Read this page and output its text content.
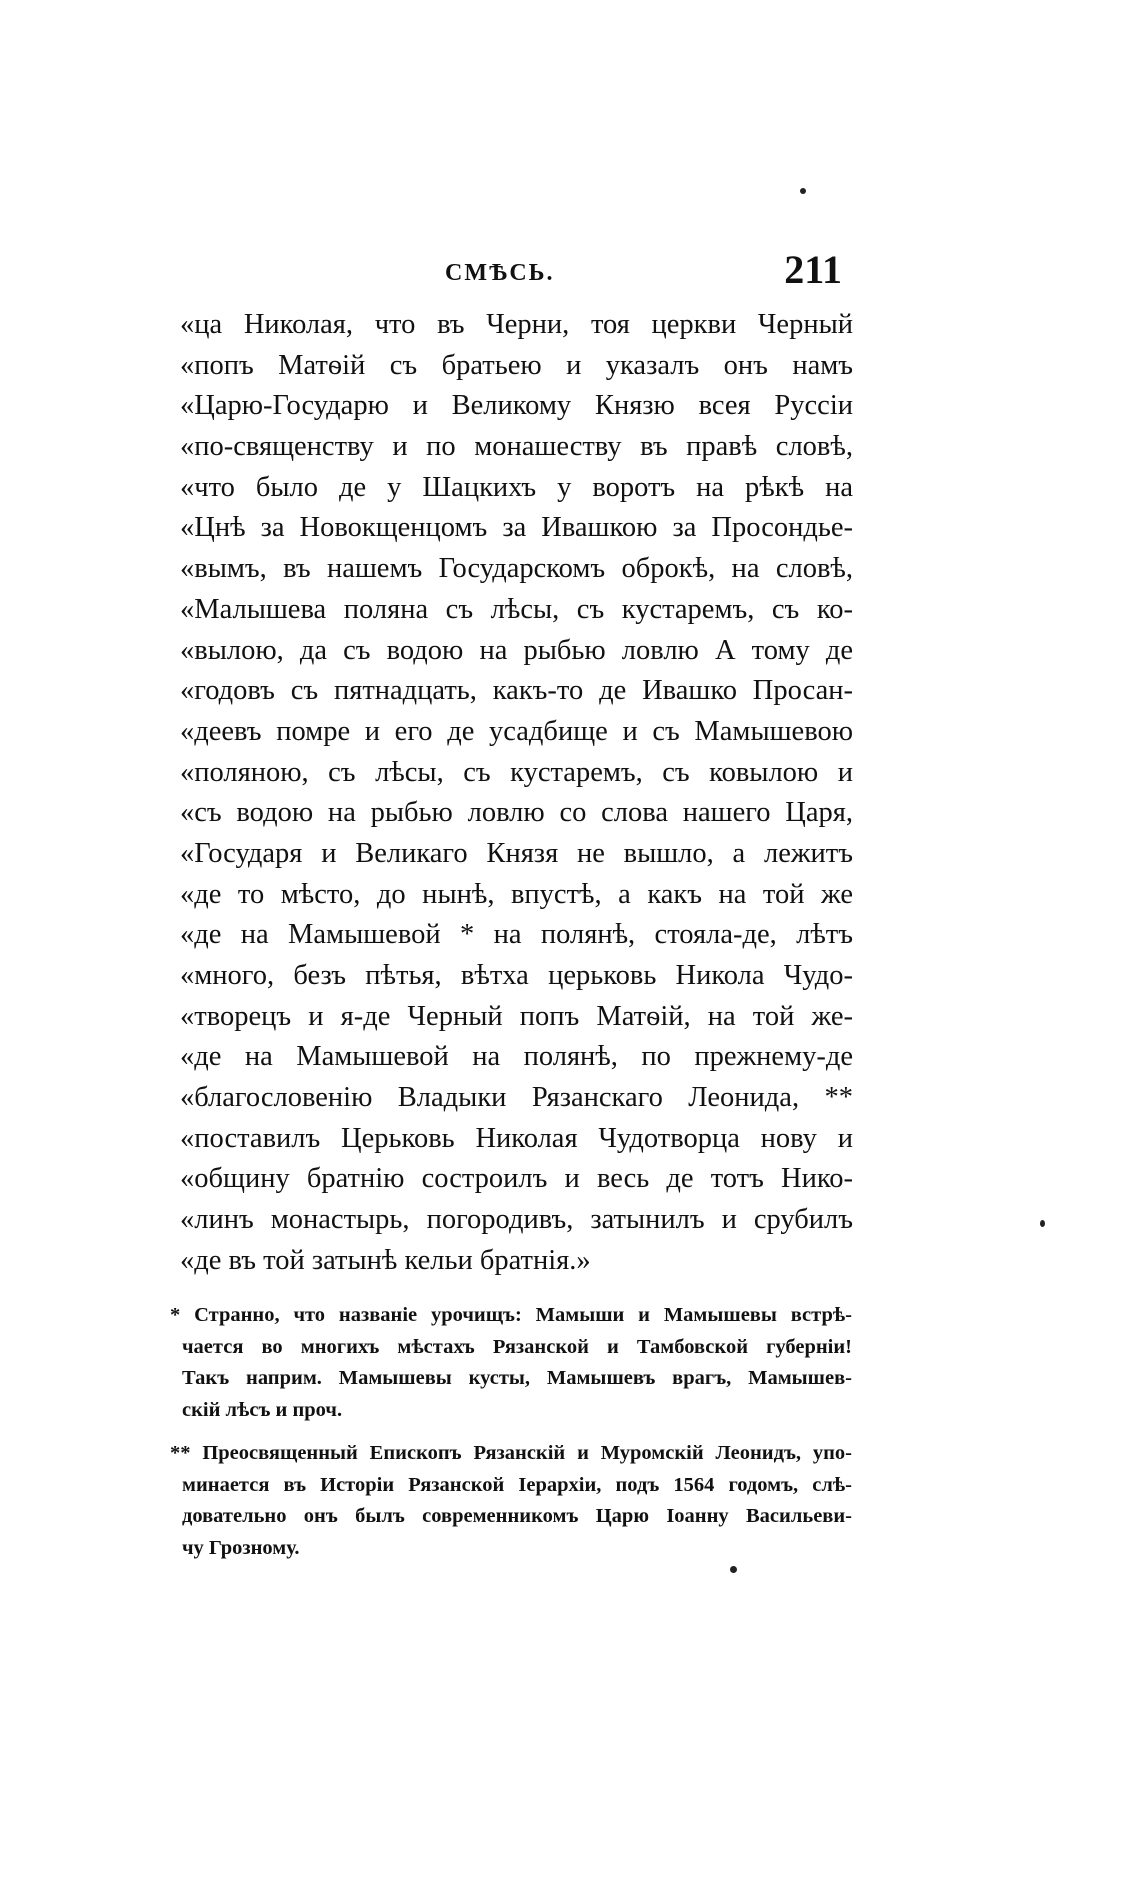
СМѢСЬ.	211
«ца Николая, что въ Черни, тоя церкви Черный
«попъ Матѳій съ братьею и указалъ онъ намъ
«Царю-Государю и Великому Князю всея Руссіи
«по-священству и по монашеству въ правѣ словѣ,
«что было де у Шацкихъ у воротъ на рѣкѣ на
«Цнѣ за Новокщенцомъ за Ивашкою за Просондье-
«вымъ, въ нашемъ Государскомъ оброкѣ, на словѣ,
«Малышева поляна съ лѣсы, съ кустаремъ, съ ко-
«вылою, да съ водою на рыбью ловлю А тому де
«годовъ съ пятнадцать, какъ-то де Ивашко Просан-
«деевъ помре и его де усадбище и съ Мамышевою
«поляною, съ лѣсы, съ кустаремъ, съ ковылою и
«съ водою на рыбью ловлю со слова нашего Царя,
«Государя и Великаго Князя не вышло, а лежитъ
«де то мѣсто, до нынѣ, впустѣ, а какъ на той же
«де на Мамышевой * на полянѣ, стояла-де, лѣтъ
«много, безъ пѣтья, вѣтха церьковь Никола Чудо-
«творецъ и я-де Черный попъ Матѳій, на той же-
«де на Мамышевой на полянѣ, по прежнему-де
«благословенію Владыки Рязанскаго Леонида, **
«поставилъ Церьковь Николая Чудотворца нову и
«общину братнію состроилъ и весь де тотъ Нико-
«линъ монастырь, погородивъ, затынилъ и срубилъ
«де въ той затынѣ кельи братнія.»
* Странно, что названіе урочищъ: Мамыши и Мамышевы встрѣ-
чается во многихъ мѣстахъ Рязанской и Тамбовской губерніи!
Такъ наприм. Мамышевы кусты, Мамышевъ врагъ, Мамышев-
скій лѣсъ и проч.
** Преосвященный Епископъ Рязанскій и Муромскій Леонидъ, упо-
минается въ Исторіи Рязанской Іерархіи, подъ 1564 годомъ, слѣ-
довательно онъ былъ современникомъ Царю Іоанну Васильеви-
чу Грозному.
